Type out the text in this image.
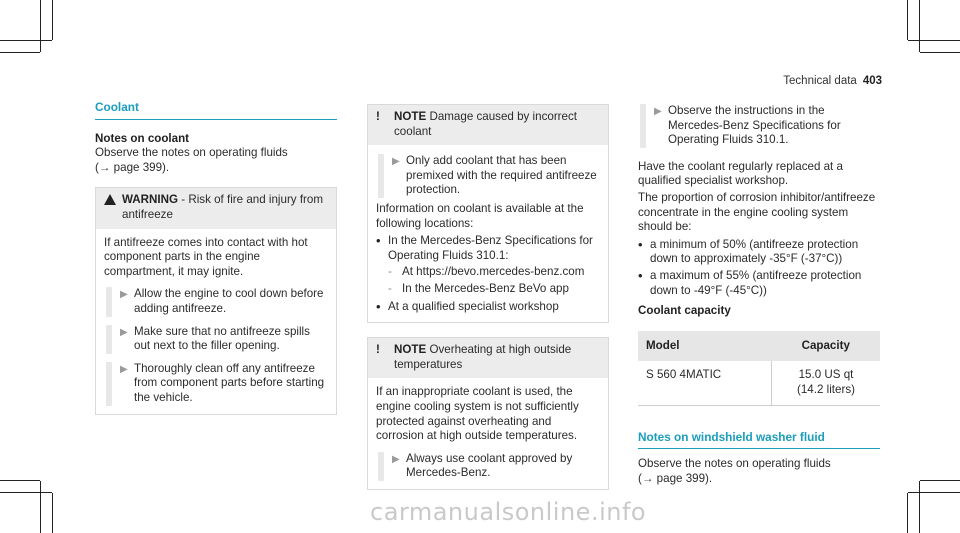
Technical data 403
Coolant

Notes on coolant

Observe the notes on operating fluids

(→ page 399).

WARNING - Risk of fire and injury from antifreeze

If antifreeze comes into contact with hot component parts in the engine compartment, it may ignite.

▶ Allow the engine to cool down before adding antifreeze.
▶ Make sure that no antifreeze spills out next to the filler opening.
▶ Thoroughly clean off any antifreeze from component parts before starting the vehicle.
!	NOTE Damage caused by incorrect coolant
▶ Only add coolant that has been premixed with the required antifreeze protection.

Information on coolant is available at the following locations:

• In the Mercedes-Benz Specifications for Operating Fluids 310.1:
- At https://bevo.mercedes-benz.com
- In the Mercedes-Benz BeVo app
• At a qualified specialist workshop
!	NOTE Overheating at high outside temperatures

If an inappropriate coolant is used, the engine cooling system is not sufficiently protected against overheating and corrosion at high outside temperatures.

▶ Always use coolant approved by Mercedes-Benz.
▶ Observe the instructions in the Mercedes-Benz Specifications for Operating Fluids 310.1.

Have the coolant regularly replaced at a qualified specialist workshop.

The proportion of corrosion inhibitor/antifreeze concentrate in the engine cooling system should be:

• a minimum of 50% (antifreeze protection down to approximately -35°F (-37°C))
• a maximum of 55% (antifreeze protection down to -49°F (-45°C))

Coolant capacity

Model	Capacity
S 560 4MATIC	15.0 US qt
(14.2 liters)
Notes on windshield washer fluid

Observe the notes on operating fluids

(→ page 399).

carmanualsonline.info
